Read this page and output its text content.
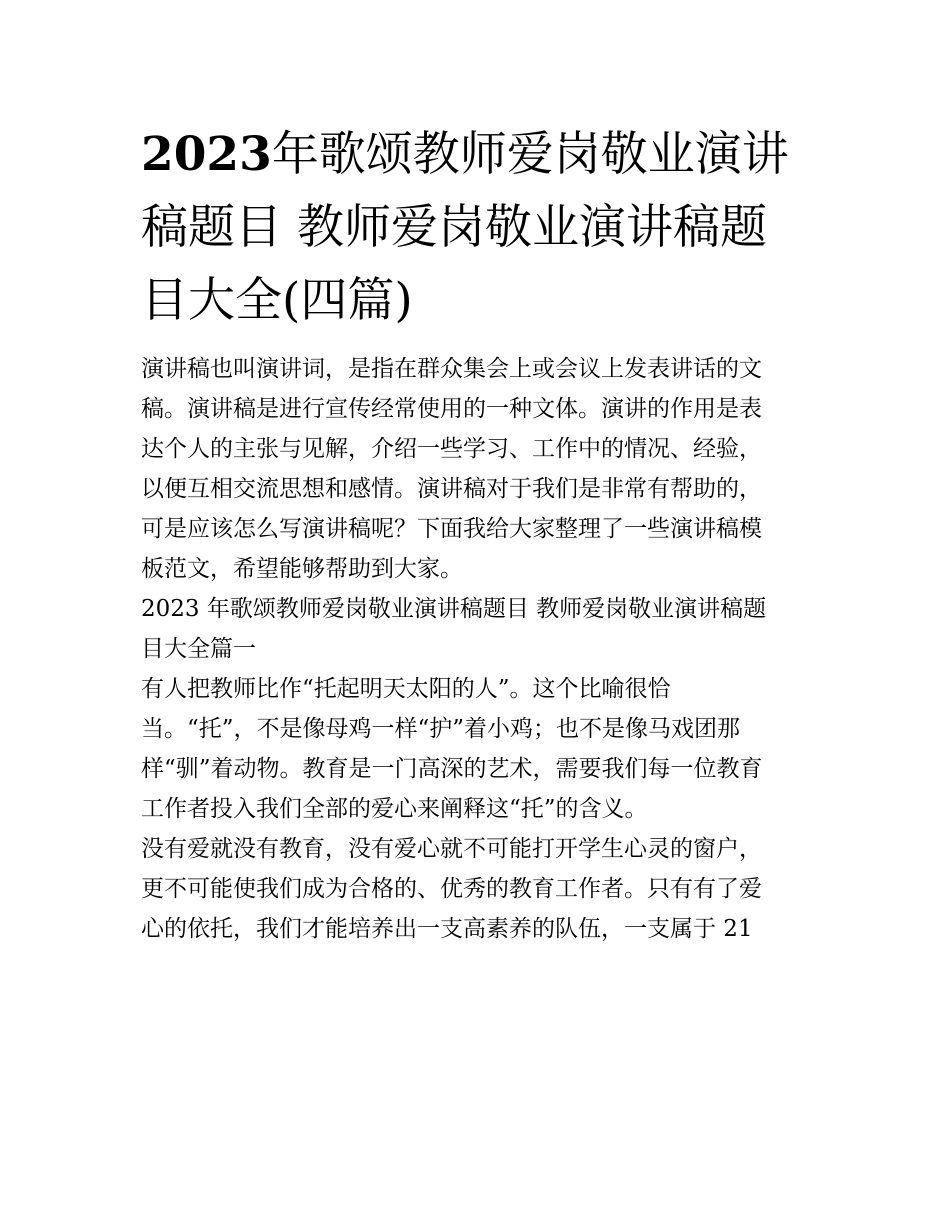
2023年歌颂教师爱岗敬业演讲
稿题目 教师爱岗敬业演讲稿题
目大全(四篇)

演讲稿也叫演讲词，是指在群众集会上或会议上发表讲话的文
稿。演讲稿是进行宣传经常使用的一种文体。演讲的作用是表
达个人的主张与见解，介绍一些学习、工作中的情况、经验，
以便互相交流思想和感情。演讲稿对于我们是非常有帮助的，
可是应该怎么写演讲稿呢？下面我给大家整理了一些演讲稿模
板范文，希望能够帮助到大家。

2023 年歌颂教师爱岗敬业演讲稿题目 教师爱岗敬业演讲稿题
目大全篇一

有人把教师比作“托起明天太阳的人”。这个比喻很恰
当。“托”，不是像母鸡一样“护”着小鸡；也不是像马戏团那
样“驯”着动物。教育是一门高深的艺术，需要我们每一位教育
工作者投入我们全部的爱心来阐释这“托”的含义。

没有爱就没有教育，没有爱心就不可能打开学生心灵的窗户，
更不可能使我们成为合格的、优秀的教育工作者。只有有了爱
心的依托，我们才能培养出一支高素养的队伍，一支属于 21
